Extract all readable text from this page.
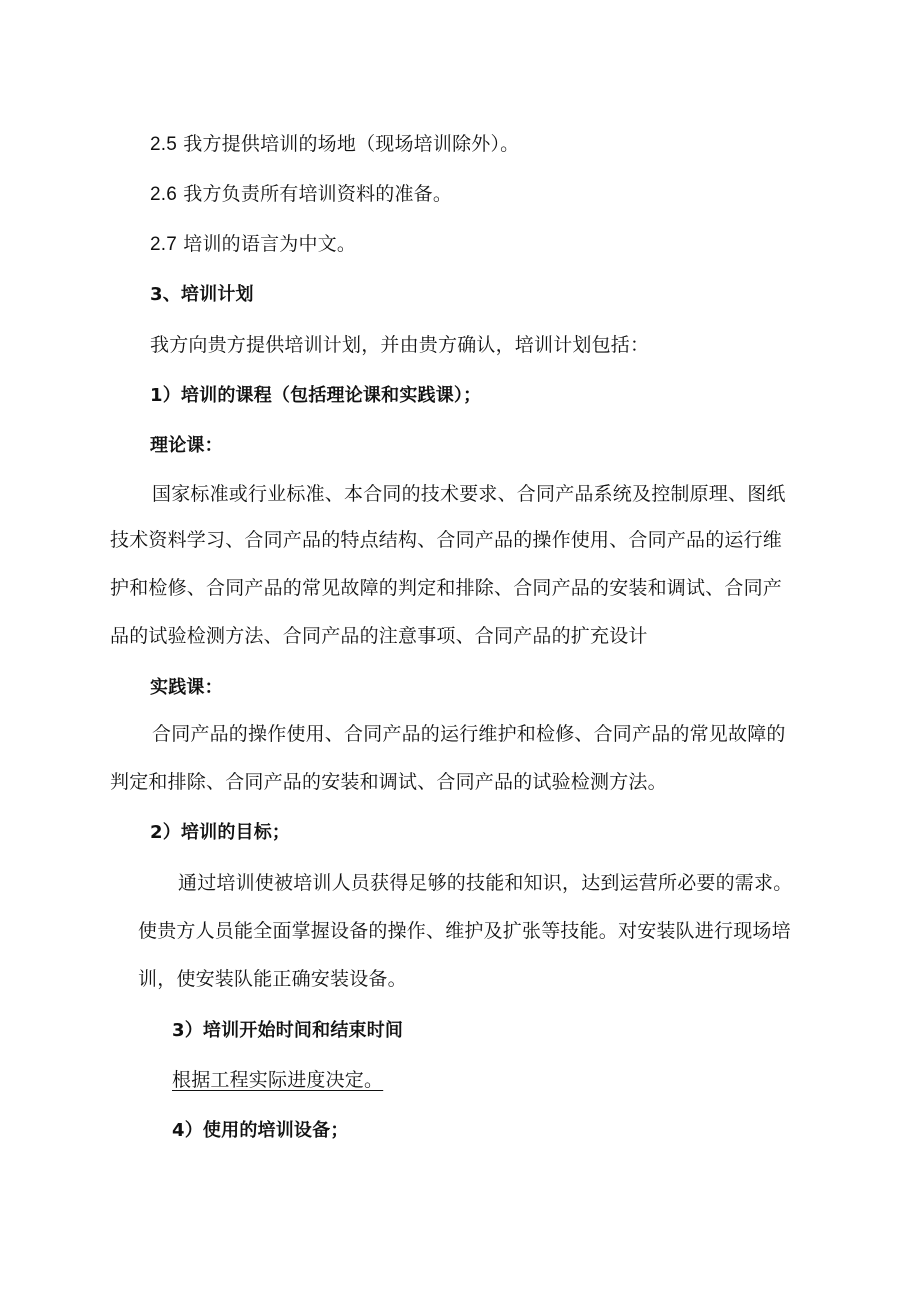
2.5 我方提供培训的场地（现场培训除外）。
2.6 我方负责所有培训资料的准备。
2.7 培训的语言为中文。
3、培训计划
我方向贵方提供培训计划，并由贵方确认，培训计划包括：
1）培训的课程（包括理论课和实践课）；
理论课：
国家标准或行业标准、本合同的技术要求、合同产品系统及控制原理、图纸
技术资料学习、合同产品的特点结构、合同产品的操作使用、合同产品的运行维
护和检修、合同产品的常见故障的判定和排除、合同产品的安装和调试、合同产
品的试验检测方法、合同产品的注意事项、合同产品的扩充设计
实践课：
合同产品的操作使用、合同产品的运行维护和检修、合同产品的常见故障的
判定和排除、合同产品的安装和调试、合同产品的试验检测方法。
2）培训的目标；
通过培训使被培训人员获得足够的技能和知识，达到运营所必要的需求。
使贵方人员能全面掌握设备的操作、维护及扩张等技能。对安装队进行现场培
训，使安装队能正确安装设备。
3）培训开始时间和结束时间
根据工程实际进度决定。
4）使用的培训设备；
